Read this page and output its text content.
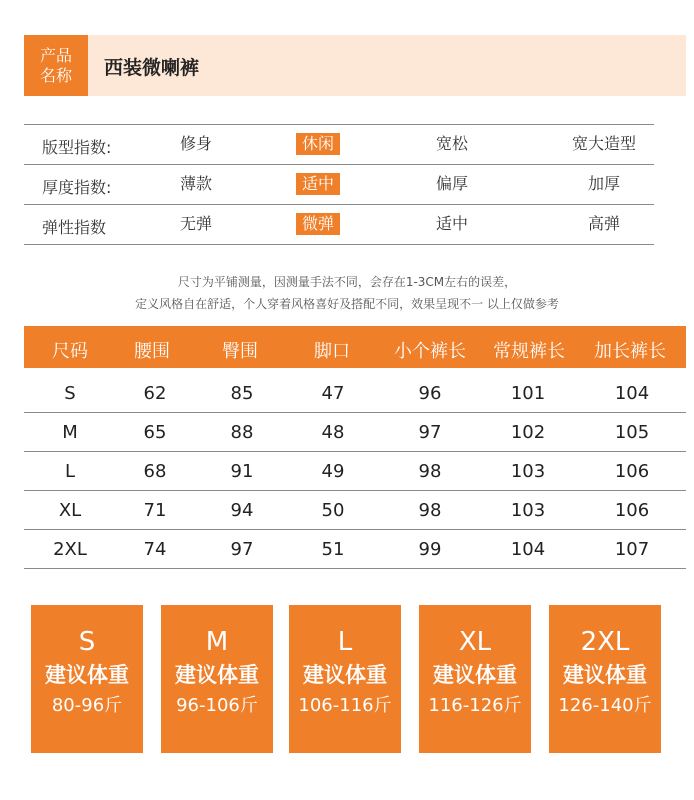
产品
名称 西装微喇裤
版型指数:	修身	休闲	宽松	宽大造型
厚度指数:	薄款	适中	偏厚	加厚
弹性指数	无弹	微弹	适中	高弹
尺寸为平铺测量，因测量手法不同，会存在1-3CM左右的误差，
定义风格自在舒适，个人穿着风格喜好及搭配不同，效果呈现不一 以上仅做参考
尺码	腰围	臀围	脚口 小个裤长 常规裤长 加长裤长
S	62	85	47	96	101	104
M	65	88	48	97	102	105
L	68	91	49	98	103	106
XL	71	94	50	98	103	106
2XL	74	97	51	99	104	107
S
建议体重
80-96斤
M
建议体重
96-106斤
L
建议体重
106-116斤
XL
建议体重
116-126斤
2XL
建议体重
126-140斤
